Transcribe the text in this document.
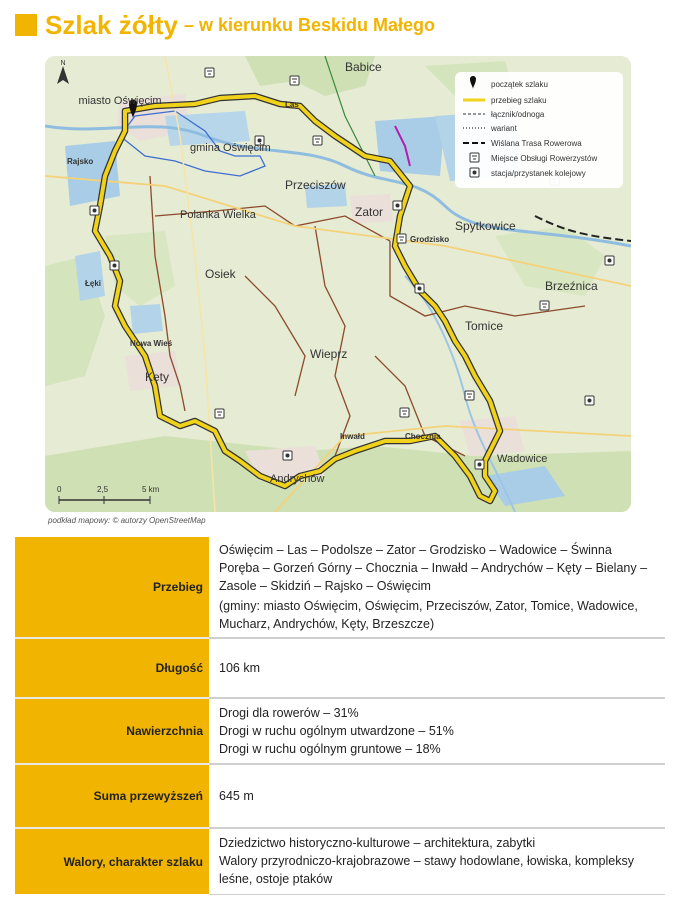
Szlak żółty – w kierunku Beskidu Małego
Babice
miasto Oświęcim
gmina Oświęcim
Rajsko
Las
Przeciszów
Polanka Wielka	Zator
Grodzisko
Spytkowice
Łęki
Osiek
Brzeźnica
Tomice
Nowa Wieś
Wieprz
Kęty
Inwałd	Chocznia
Wadowice
Andrychów
N
0	2,5	5 km
początek szlaku
przebieg szlaku
łącznik/odnoga
wariant
Wiślana Trasa Rowerowa
Miejsce Obsługi Rowerzystów
stacja/przystanek kolejowy
podkład mapowy: © autorzy OpenStreetMap
Przebieg	Oświęcim – Las – Podolsze – Zator – Grodzisko – Wadowice – Świnna
Poręba – Gorzeń Górny – Chocznia – Inwałd – Andrychów – Kęty – Bielany –
Zasole – Skidziń – Rajsko – Oświęcim
(gminy: miasto Oświęcim, Oświęcim, Przeciszów, Zator, Tomice, Wadowice,
Mucharz, Andrychów, Kęty, Brzeszcze)

Długość	106 km
Nawierzchnia	Drogi dla rowerów – 31%
Drogi w ruchu ogólnym utwardzone – 51%
Drogi w ruchu ogólnym gruntowe – 18%

Suma przewyższeń	645 m
Walory, charakter szlaku	Dziedzictwo historyczno-kulturowe – architektura, zabytki
Walory przyrodniczo-krajobrazowe – stawy hodowlane, łowiska, kompleksy
leśne, ostoje ptaków
